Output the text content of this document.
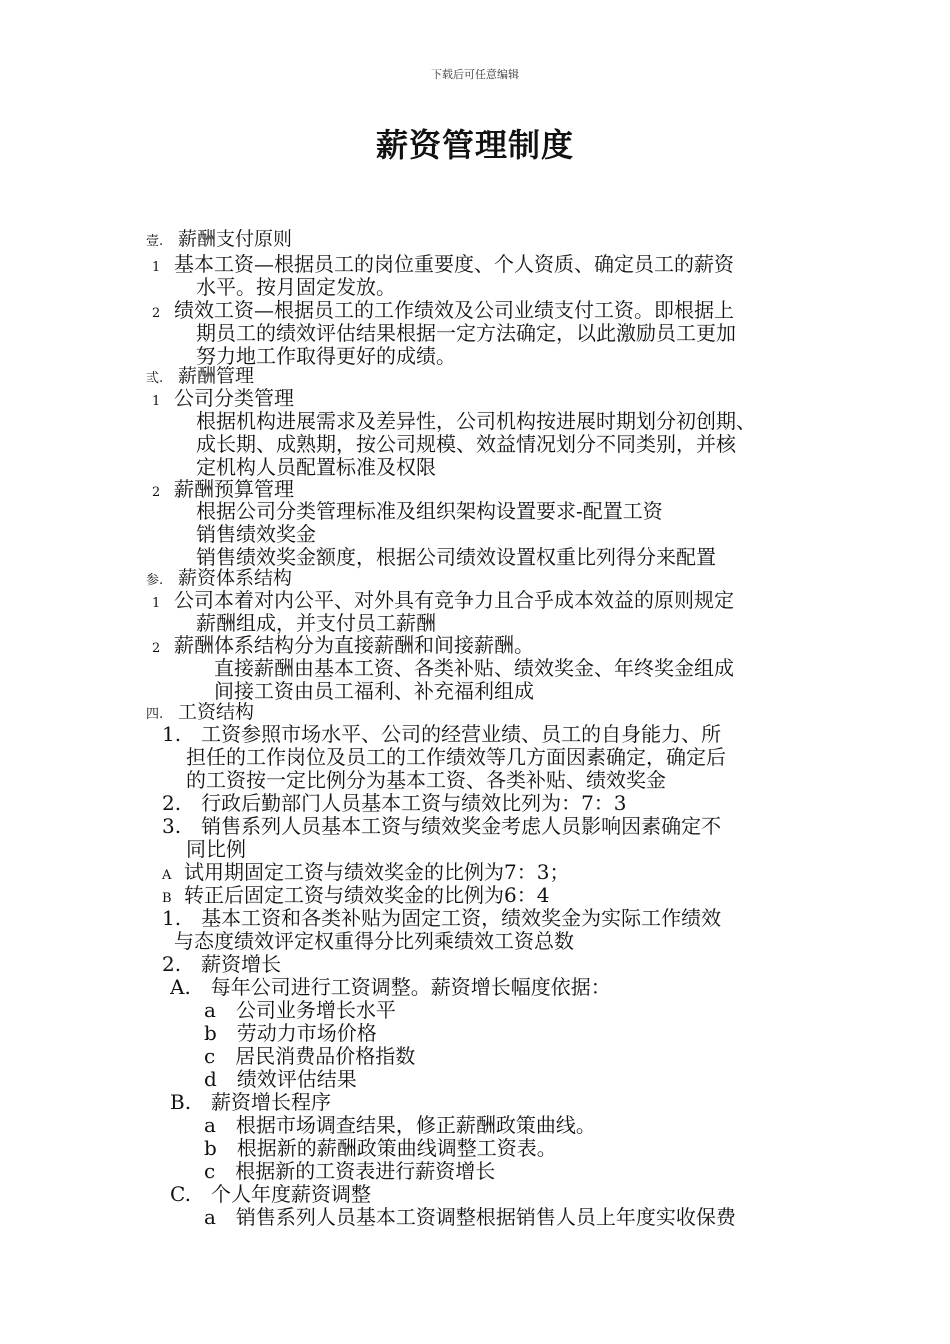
下载后可任意编辑
薪资管理制度
壹. 薪酬支付原则
1 基本工资—根据员工的岗位重要度、个人资质、确定员工的薪资
水平。按月固定发放。
2 绩效工资—根据员工的工作绩效及公司业绩支付工资。即根据上
期员工的绩效评估结果根据一定方法确定，以此激励员工更加
努力地工作取得更好的成绩。
弎. 薪酬管理
1 公司分类管理
根据机构进展需求及差异性，公司机构按进展时期划分初创期、
成长期、成熟期，按公司规模、效益情况划分不同类别，并核
定机构人员配置标准及权限
2 薪酬预算管理
根据公司分类管理标准及组织架构设置要求-配置工资
销售绩效奖金
销售绩效奖金额度，根据公司绩效设置权重比列得分来配置
参. 薪资体系结构
1 公司本着对内公平、对外具有竞争力且合乎成本效益的原则规定
薪酬组成，并支付员工薪酬
2 薪酬体系结构分为直接薪酬和间接薪酬。
直接薪酬由基本工资、各类补贴、绩效奖金、年终奖金组成
间接工资由员工福利、补充福利组成
四. 工资结构
1.　工资参照市场水平、公司的经营业绩、员工的自身能力、所
担任的工作岗位及员工的工作绩效等几方面因素确定，确定后
的工资按一定比例分为基本工资、各类补贴、绩效奖金
2.　行政后勤部门人员基本工资与绩效比列为：7：3
3.　销售系列人员基本工资与绩效奖金考虑人员影响因素确定不
同比例
A 试用期固定工资与绩效奖金的比例为7：3；
B 转正后固定工资与绩效奖金的比例为6：4
1.　基本工资和各类补贴为固定工资，绩效奖金为实际工作绩效
与态度绩效评定权重得分比列乘绩效工资总数
2.　薪资增长
A.　每年公司进行工资调整。薪资增长幅度依据：
a　公司业务增长水平
b　劳动力市场价格
c　居民消费品价格指数
d　绩效评估结果
B.　薪资增长程序
a　根据市场调查结果，修正薪酬政策曲线。
b　根据新的薪酬政策曲线调整工资表。
c　根据新的工资表进行薪资增长
C.　个人年度薪资调整
a　销售系列人员基本工资调整根据销售人员上年度实收保费
